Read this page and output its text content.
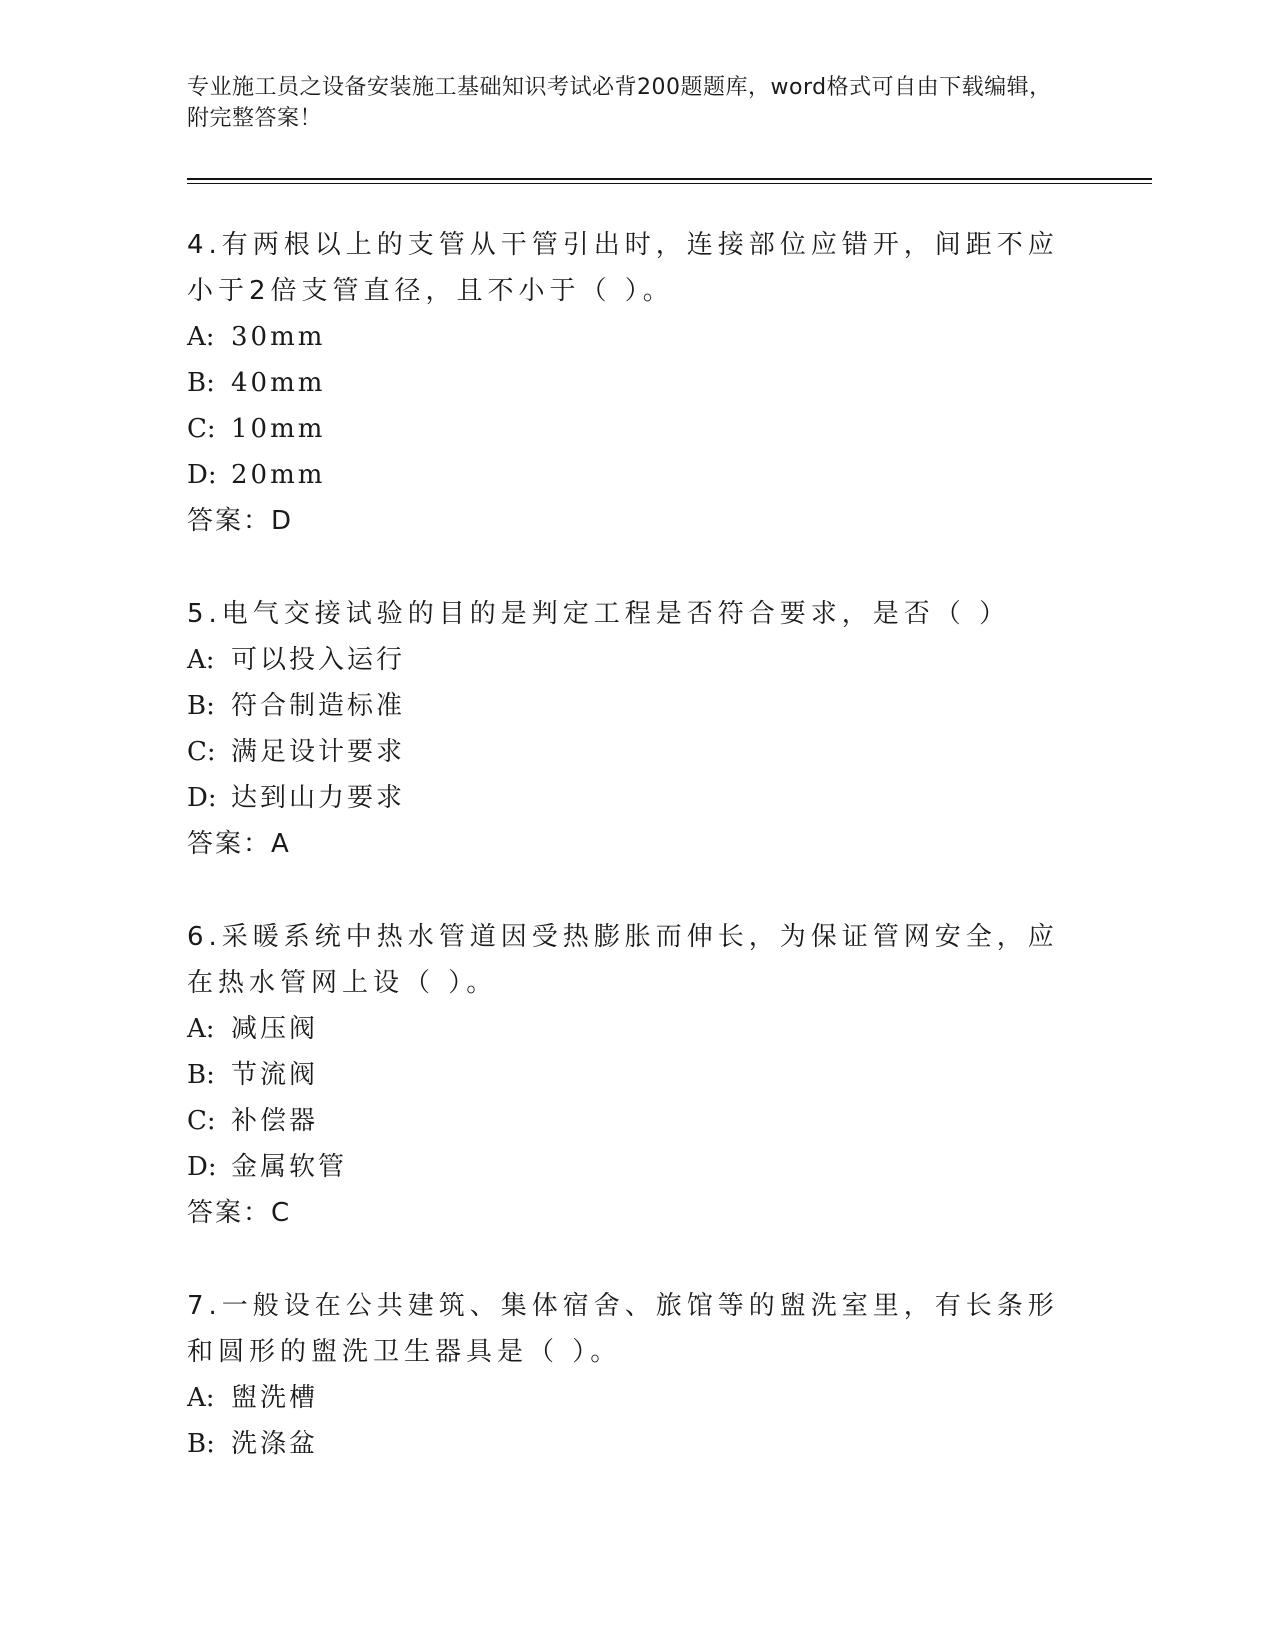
专业施工员之设备安装施工基础知识考试必背200题题库，word格式可自由下载编辑，附完整答案！

4.有两根以上的支管从干管引出时，连接部位应错开，间距不应小于2倍支管直径，且不小于（ ）。

A: 30mm

B: 40mm

C: 10mm

D: 20mm

答案：D

5.电气交接试验的目的是判定工程是否符合要求，是否（ ）

A: 可以投入运行

B: 符合制造标准

C: 满足设计要求

D: 达到山力要求

答案：A

6.采暖系统中热水管道因受热膨胀而伸长，为保证管网安全，应在热水管网上设（ ）。

A: 减压阀

B: 节流阀

C: 补偿器

D: 金属软管

答案：C

7.一般设在公共建筑、集体宿舍、旅馆等的盥洗室里，有长条形和圆形的盥洗卫生器具是（ ）。

A: 盥洗槽

B: 洗涤盆
